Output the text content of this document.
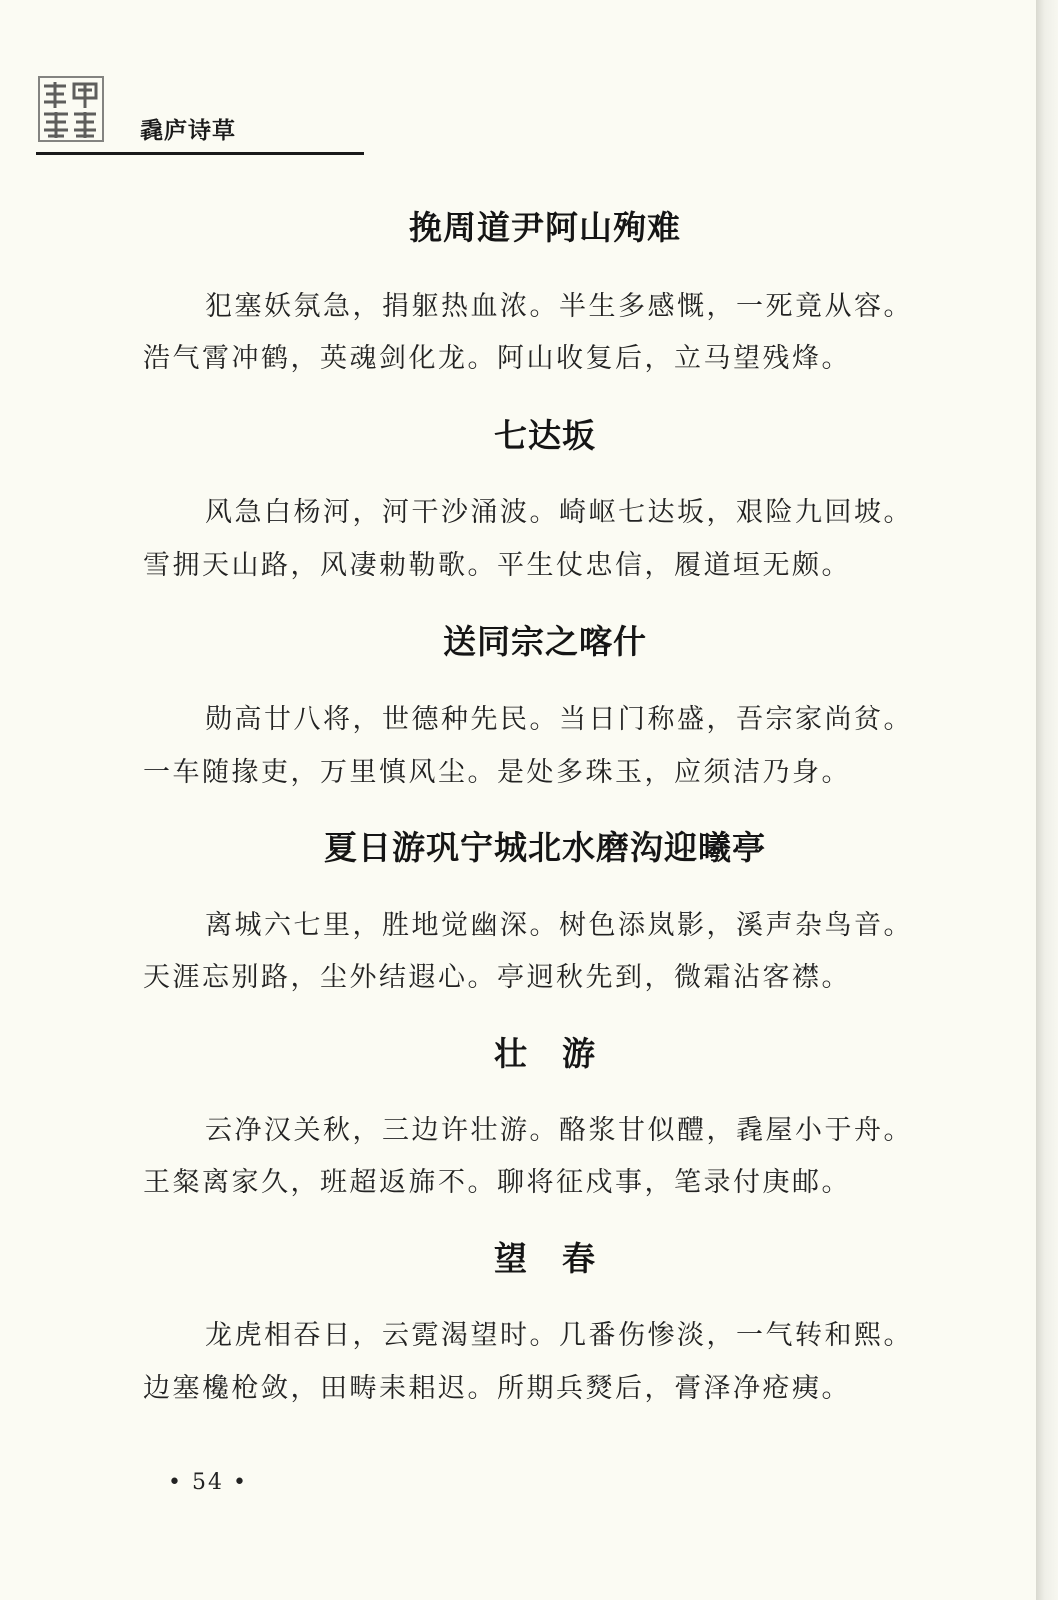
毳庐诗草
挽周道尹阿山殉难
犯塞妖氛急，捐躯热血浓。半生多感慨，一死竟从容。
浩气霄冲鹤，英魂剑化龙。阿山收复后，立马望残烽。
七达坂
风急白杨河，河干沙涌波。崎岖七达坂，艰险九回坡。
雪拥天山路，风凄勅勒歌。平生仗忠信，履道垣无颇。
送同宗之喀什
勋高廿八将，世德种先民。当日门称盛，吾宗家尚贫。
一车随掾吏，万里慎风尘。是处多珠玉，应须洁乃身。
夏日游巩宁城北水磨沟迎曦亭
离城六七里，胜地觉幽深。树色添岚影，溪声杂鸟音。
天涯忘别路，尘外结遐心。亭迥秋先到，微霜沾客襟。
壮　游
云净汉关秋，三边许壮游。酪浆甘似醴，毳屋小于舟。
王粲离家久，班超返旆不。聊将征戍事，笔录付庚邮。
望　春
龙虎相吞日，云霓渴望时。几番伤惨淡，一气转和熙。
边塞欃枪敛，田畴耒耜迟。所期兵燹后，膏泽净疮痍。
• 54 •
